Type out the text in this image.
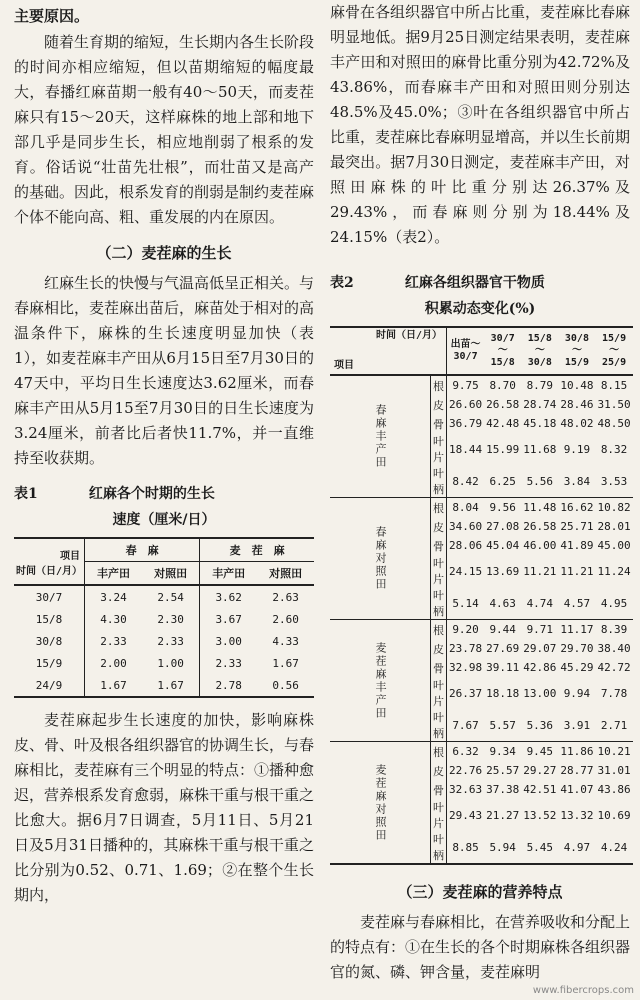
主要原因。

随着生育期的缩短，生长期内各生长阶段的时间亦相应缩短，但以苗期缩短的幅度最大，春播红麻苗期一般有40～50天，而麦茬麻只有15～20天，这样麻株的地上部和地下部几乎是同步生长，相应地削弱了根系的发育。俗话说“壮苗先壮根”，而壮苗又是高产的基础。因此，根系发育的削弱是制约麦茬麻个体不能向高、粗、重发展的内在原因。

（二）麦茬麻的生长

红麻生长的快慢与气温高低呈正相关。与春麻相比，麦茬麻出苗后，麻苗处于相对的高温条件下，麻株的生长速度明显加快（表1），如麦茬麻丰产田从6月15日至7月30日的47天中，平均日生长速度达3.62厘米，而春麻丰产田从5月15至7月30日的日生长速度为3.24厘米，前者比后者快11.7%，并一直维持至收获期。

表1	红麻各个时期的生长
速度（厘米/日）
项目
时间（日/月）	春　麻		麦　茬　麻	
	丰产田	对照田	丰产田	对照田
30/7	3.24	2.54	3.62	2.63
15/8	4.30	2.30	3.67	2.60
30/8	2.33	2.33	3.00	4.33
15/9	2.00	1.00	2.33	1.67
24/9	1.67	1.67	2.78	0.56

麦茬麻起步生长速度的加快，影响麻株皮、骨、叶及根各组织器官的协调生长，与春麻相比，麦茬麻有三个明显的特点：①播种愈迟，营养根系发育愈弱，麻株干重与根干重之比愈大。据6月7日调查，5月11日、5月21日及5月31日播种的，其麻株干重与根干重之比分别为0.52、0.71、1.69；②在整个生长期内，

麻骨在各组织器官中所占比重，麦茬麻比春麻明显地低。据9月25日测定结果表明，麦茬麻丰产田和对照田的麻骨比重分别为42.72%及43.86%，而春麻丰产田和对照田则分别达48.5%及45.0%；③叶在各组织器官中所占比重，麦茬麻比春麻明显增高，并以生长前期最突出。据7月30日测定，麦茬麻丰产田，对照田麻株的叶比重分别达26.37%及29.43%，而春麻则分别为18.44%及24.15%（表2）。

表2	红麻各组织器官干物质
积累动态变化(%)
时间（日/月）
项目		出苗～30/7	30/7～15/8	15/8～30/8	30/8～15/9	15/9～25/9
春麻丰产田	根	9.75	8.70	8.79	10.48	8.15
	皮	26.60	26.58	28.74	28.46	31.50
	骨	36.79	42.48	45.18	48.02	48.50
	叶片	18.44	15.99	11.68	9.19	8.32
	叶柄	8.42	6.25	5.56	3.84	3.53
春麻对照田	根	8.04	9.56	11.48	16.62	10.82
	皮	34.60	27.08	26.58	25.71	28.01
	骨	28.06	45.04	46.00	41.89	45.00
	叶片	24.15	13.69	11.21	11.21	11.24
	叶柄	5.14	4.63	4.74	4.57	4.95
麦茬麻丰产田	根	9.20	9.44	9.71	11.17	8.39
	皮	23.78	27.69	29.07	29.70	38.40
	骨	32.98	39.11	42.86	45.29	42.72
	叶片	26.37	18.18	13.00	9.94	7.78
	叶柄	7.67	5.57	5.36	3.91	2.71
麦茬麻对照田	根	6.32	9.34	9.45	11.86	10.21
	皮	22.76	25.57	29.27	28.77	31.01
	骨	32.63	37.38	42.51	41.07	43.86
	叶片	29.43	21.27	13.52	13.32	10.69
	叶柄	8.85	5.94	5.45	4.97	4.24
（三）麦茬麻的营养特点

麦茬麻与春麻相比，在营养吸收和分配上的特点有：①在生长的各个时期麻株各组织器官的氮、磷、钾含量，麦茬麻明

www.fibercrops.com
